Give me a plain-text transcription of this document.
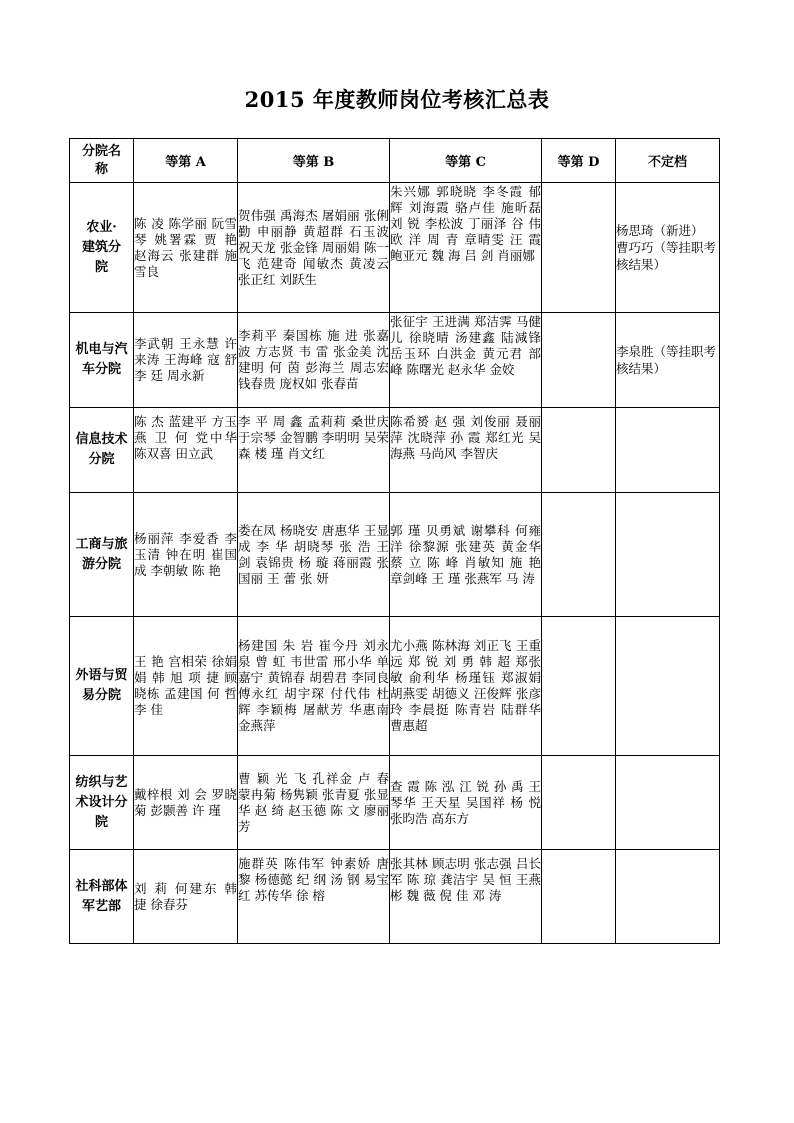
2015 年度教师岗位考核汇总表
分院名称	等第 A	等第 B	等第 C	等第 D	不定档
农业·建筑分院	陈 凌 陈学丽 阮雪琴 姚署霖 贾 艳 赵海云 张建群 施雪良	贺伟强 禹海杰 屠娟丽 张俐勤 申丽静 黄超群 石玉波 祝天龙 张金锋 周丽娟 陈一飞 范建奇 闻敏杰 黄凌云 张正红 刘跃生	朱兴娜 郭晓晓 李冬霞 郁 辉 刘海霞 骆卢佳 施昕磊 刘 锐 李松波 丁丽泽 谷 伟 欧 洋 周 青 章晴雯 汪 霞 鲍亚元 魏 海 吕 剑 肖丽娜		杨思琦（新进） 曹巧巧（等挂职考核结果）
机电与汽车分院	李武朝 王永慧 许来涛 王海峰 寇 舒 李 廷 周永新	李莉平 秦国栋 施 进 张嘉波 方志贤 韦 雷 张金美 沈建明 何 茵 彭海兰 周志宏 钱春贵 庞权如 张春苗	张征宇 王进满 郑洁霁 马健儿 徐晓晴 汤建鑫 陆減锋 岳玉环 白洪金 黄元君 部 峰 陈曙光 赵永华 金姣		李泉胜（等挂职考核结果）
信息技术分院	陈 杰 蓝建平 方玉燕 卫 何 党中华 陈双喜 田立武	李 平 周 鑫 孟莉莉 桑世庆 于宗琴 金智鹏 李明明 吴荣森 楼 瑾 肖文红	陈希赟 赵 强 刘俊丽 聂丽萍 沈晓萍 孙 霞 郑红光 吴海燕 马尚风 李智庆		
工商与旅游分院	杨丽萍 李爱香 李玉清 钟在明 崔国成 李朝敏 陈 艳	娄在凤 杨晓安 唐惠华 王显成 李 华 胡晓琴 张 浩 王 剑 袁锦贵 杨 璇 蒋丽霞 张国丽 王 蕾 张 妍	郭 瑾 贝勇斌 谢攀科 何雍洋 徐黎源 张建英 黄金华 蔡 立 陈 峰 肖敏知 施 艳 章剑峰 王 瑾 张燕军 马 涛		
外语与贸易分院	王 艳 宫相荣 徐娟娟 韩 旭 项 捷 顾晓栋 孟建国 何 哲 李 佳	杨建国 朱 岩 崔今丹 刘永泉 曾 虹 韦世雷 邢小华 单嘉宁 黄锦春 胡碧君 李同良 傅永红 胡宇琛 付代伟 杜 辉 李颖梅 屠献芳 华惠南 金燕萍	尤小燕 陈林海 刘正飞 王重远 郑 锐 刘 勇 韩 超 郑张敏 俞利华 杨瑾钰 郑淑娟 胡燕雯 胡德义 汪俊辉 张彦玲 李晨挺 陈青岩 陆群华 曹惠超		
纺织与艺术设计分院	戴梓根 刘 会 罗晓菊 彭颢善 许 瑾	曹 颖 光 飞 孔祥金 卢 春 蒙冉菊 杨隽颖 张青夏 张显华 赵 绮 赵玉德 陈 文 廖丽芳	查 霞 陈 泓 江 锐 孙 禹 王琴华 王天星 吴国祥 杨 悦 张昀浩 高东方		
社科部体军艺部	刘 莉 何建东 韩 捷 徐春芬	施群英 陈伟军 钟素娇 唐 黎 杨德懿 纪 纲 汤 钢 易宝红 苏传华 徐 榕	张其林 顾志明 张志强 吕长军 陈 琼 龚洁宇 吴 恒 王燕彬 魏 薇 倪 佳 邓 涛		
